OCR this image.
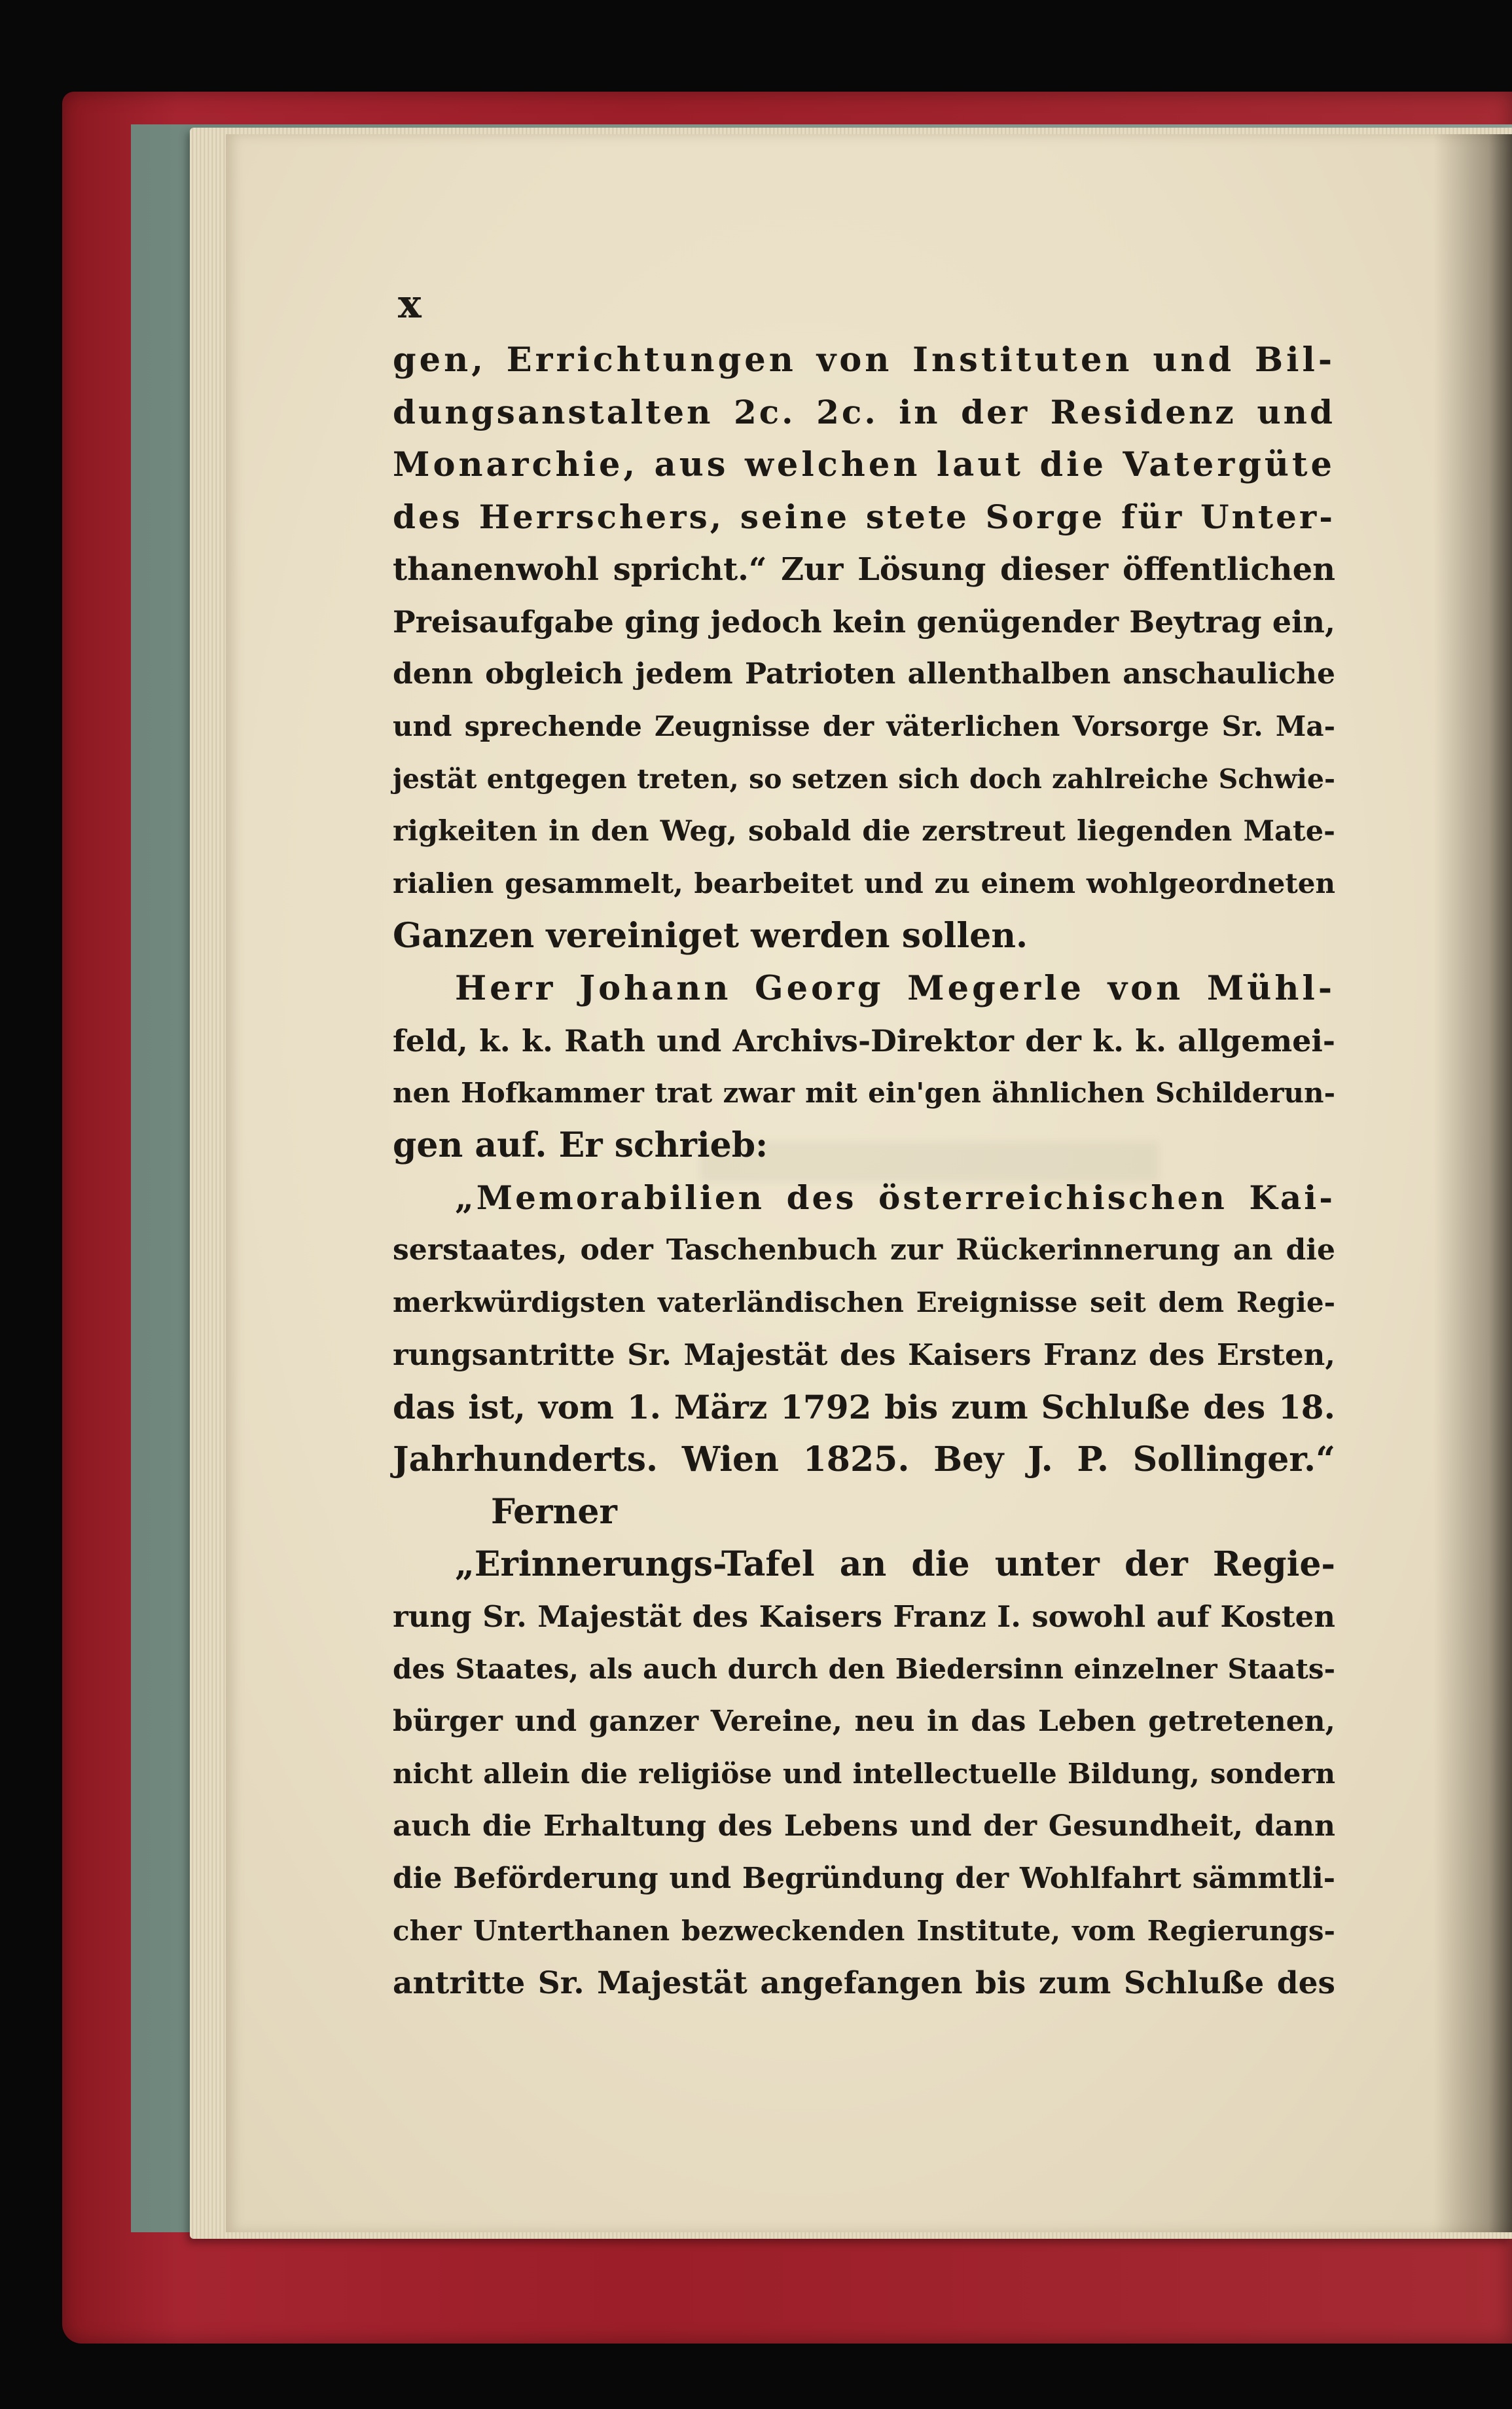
x
gen, Errichtungen von Instituten und Bil-
dungsanstalten 2c. 2c. in der Residenz und
Monarchie, aus welchen laut die Vatergüte
des Herrschers, seine stete Sorge für Unter-
thanenwohl spricht.“ Zur Lösung dieser öffentlichen
Preisaufgabe ging jedoch kein genügender Beytrag ein,
denn obgleich jedem Patrioten allenthalben anschauliche
und sprechende Zeugnisse der väterlichen Vorsorge Sr. Ma-
jestät entgegen treten, so setzen sich doch zahlreiche Schwie-
rigkeiten in den Weg, sobald die zerstreut liegenden Mate-
rialien gesammelt, bearbeitet und zu einem wohlgeordneten
Ganzen vereiniget werden sollen.
Herr Johann Georg Megerle von Mühl-
feld, k. k. Rath und Archivs-Direktor der k. k. allgemei-
nen Hofkammer trat zwar mit ein'gen ähnlichen Schilderun-
gen auf. Er schrieb:
„Memorabilien des österreichischen Kai-
serstaates, oder Taschenbuch zur Rückerinnerung an die
merkwürdigsten vaterländischen Ereignisse seit dem Regie-
rungsantritte Sr. Majestät des Kaisers Franz des Ersten,
das ist, vom 1. März 1792 bis zum Schluße des 18.
Jahrhunderts. Wien 1825. Bey J. P. Sollinger.“
Ferner
„Erinnerungs-Tafel an die unter der Regie-
rung Sr. Majestät des Kaisers Franz I. sowohl auf Kosten
des Staates, als auch durch den Biedersinn einzelner Staats-
bürger und ganzer Vereine, neu in das Leben getretenen,
nicht allein die religiöse und intellectuelle Bildung, sondern
auch die Erhaltung des Lebens und der Gesundheit, dann
die Beförderung und Begründung der Wohlfahrt sämmtli-
cher Unterthanen bezweckenden Institute, vom Regierungs-
antritte Sr. Majestät angefangen bis zum Schluße des
